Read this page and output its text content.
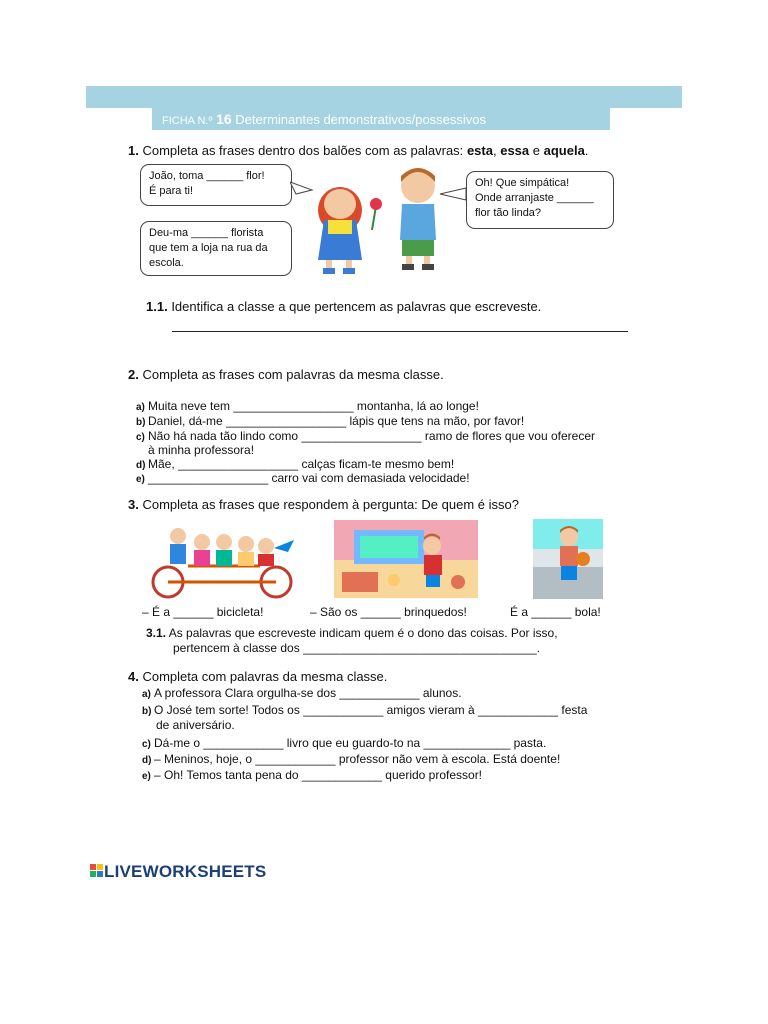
FICHA N.º 16 Determinantes demonstrativos/possessivos
1. Completa as frases dentro dos balões com as palavras: esta, essa e aquela.
João, toma ______ flor!
É para ti!
Deu-ma ______ florista
que tem a loja na rua da
escola.
Oh! Que simpática!
Onde arranjaste ______
flor tão linda?
1.1. Identifica a classe a que pertencem as palavras que escreveste.
2. Completa as frases com palavras da mesma classe.
a) Muita neve tem __________________ montanha, lá ao longe!
b) Daniel, dá-me __________________ lápis que tens na mão, por favor!
c) Não há nada tão lindo como __________________ ramo de flores que vou oferecer
à minha professora!
d) Mãe, __________________ calças ficam-te mesmo bem!
e) __________________ carro vai com demasiada velocidade!
3. Completa as frases que respondem à pergunta: De quem é isso?
– É a ______ bicicleta!	– São os ______ brinquedos!	É a ______ bola!
3.1. As palavras que escreveste indicam quem é o dono das coisas. Por isso,
pertencem à classe dos ___________________________________.
4. Completa com palavras da mesma classe.
a) A professora Clara orgulha-se dos ____________ alunos.
b) O José tem sorte! Todos os ____________ amigos vieram à ____________ festa
de aniversário.
c) Dá-me o ____________ livro que eu guardo-to na _____________ pasta.
d) – Meninos, hoje, o ____________ professor não vem à escola. Está doente!
e) – Oh! Temos tanta pena do ____________ querido professor!
LIVEWORKSHEETS
